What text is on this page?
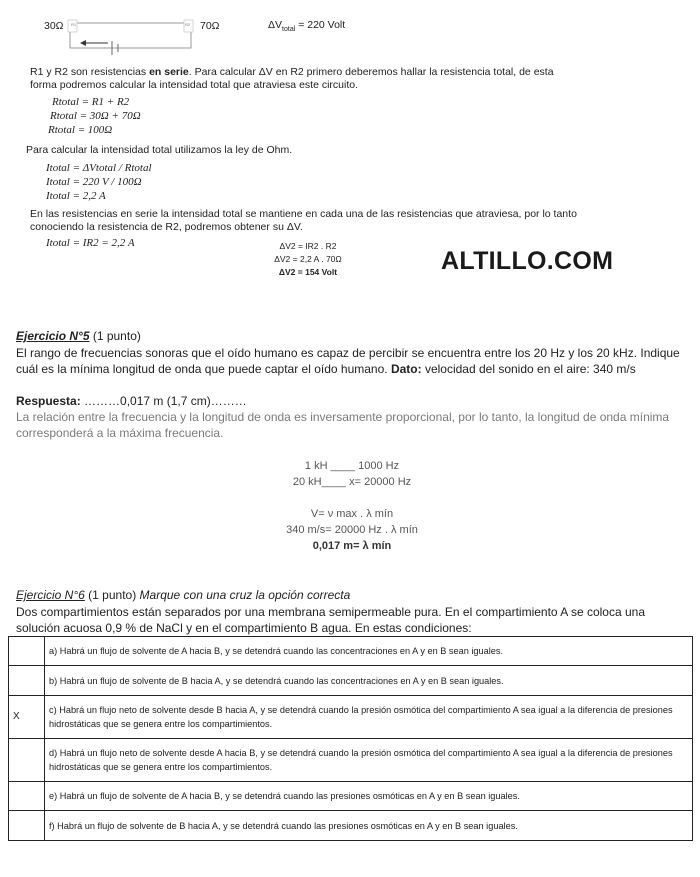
30Ω R1	R2 70Ω	$\Delta V_{total} = 220$ Volt
R1 y R2 son resistencias en serie. Para calcular ΔV en R2 primero deberemos hallar la resistencia total, de esta
forma podremos calcular la intensidad total que atraviesa este circuito.
Rtotal = R1 + R2
Rtotal = 30Ω + 70Ω
Rtotal = 100Ω
Para calcular la intensidad total utilizamos la ley de Ohm.
Itotal = ΔVtotal / Rtotal
Itotal = 220 V / 100Ω
Itotal = 2,2 A
En las resistencias en serie la intensidad total se mantiene en cada una de las resistencias que atraviesa, por lo tanto
conociendo la resistencia de R2, podremos obtener su ΔV.
Itotal = IR2 = 2,2 A	ΔV2 = IR2 . R2
ΔV2 = 2,2 A . 70Ω
ΔV2 = 154 Volt	ALTILLO.COM
Ejercicio N°5 (1 punto)
El rango de frecuencias sonoras que el oído humano es capaz de percibir se encuentra entre los 20 Hz y los 20 kHz. Indique
cuál es la mínima longitud de onda que puede captar el oído humano. Dato: velocidad del sonido en el aire: 340 m/s
Respuesta: ………0,017 m (1,7 cm)………
La relación entre la frecuencia y la longitud de onda es inversamente proporcional, por lo tanto, la longitud de onda mínima
corresponderá a la máxima frecuencia.
1 kH ____ 1000 Hz
20 kH____ x= 20000 Hz
V= ν max . λ mín
340 m/s= 20000 Hz . λ mín
0,017 m= λ mín
Ejercicio N°6 (1 punto) Marque con una cruz la opción correcta
Dos compartimientos están separados por una membrana semipermeable pura. En el compartimiento A se coloca una
solución acuosa 0,9 % de NaCl y en el compartimiento B agua. En estas condiciones:
	a) Habrá un flujo de solvente de A hacia B, y se detendrá cuando las concentraciones en A y en B sean iguales.
	b) Habrá un flujo de solvente de B hacia A, y se detendrá cuando las concentraciones en A y en B sean iguales.
X	c) Habrá un flujo neto de solvente desde B hacia A, y se detendrá cuando la presión osmótica del compartimiento A sea igual a la diferencia de presiones hidrostáticas que se genera entre los compartimientos.
	d) Habrá un flujo neto de solvente desde A hacia B, y se detendrá cuando la presión osmótica del compartimiento A sea igual a la diferencia de presiones hidrostáticas que se genera entre los compartimientos.
	e) Habrá un flujo de solvente de A hacia B, y se detendrá cuando las presiones osmóticas en A y en B sean iguales.
	f) Habrá un flujo de solvente de B hacia A, y se detendrá cuando las presiones osmóticas en A y en B sean iguales.
